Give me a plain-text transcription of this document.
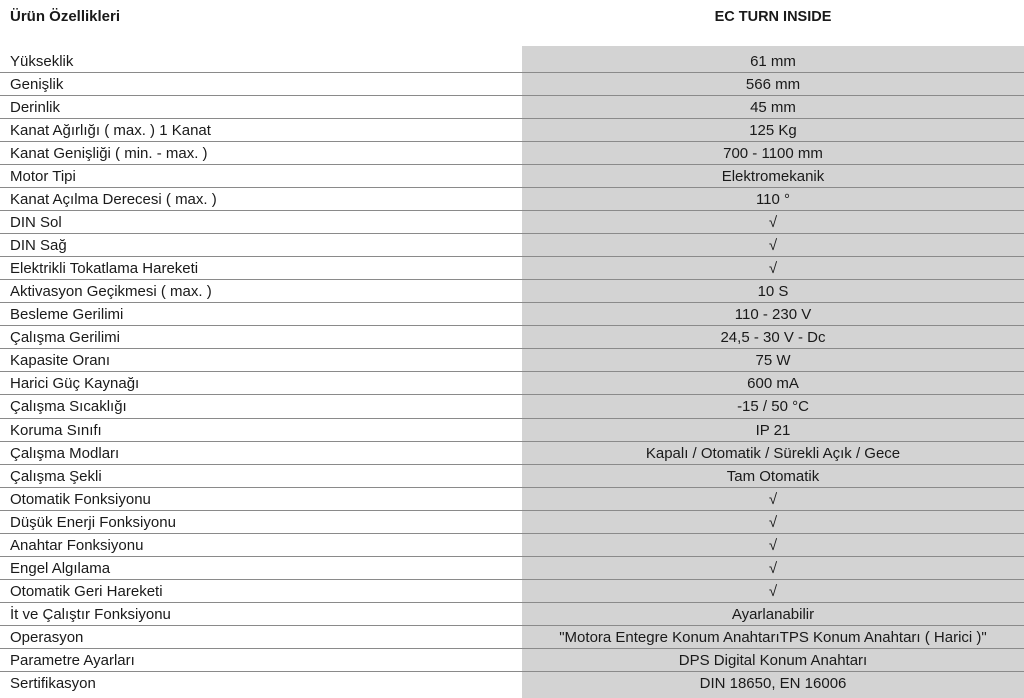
Ürün Özellikleri	EC TURN INSIDE
Yükseklik	61 mm
Genişlik	566 mm
Derinlik	45 mm
Kanat Ağırlığı ( max. ) 1 Kanat	125 Kg
Kanat Genişliği ( min. - max. )	700 - 1100 mm
Motor Tipi	Elektromekanik
Kanat Açılma Derecesi ( max. )	110 °
DIN Sol	√
DIN Sağ	√
Elektrikli Tokatlama Hareketi	√
Aktivasyon Geçikmesi ( max. )	10 S
Besleme Gerilimi	110 - 230 V
Çalışma Gerilimi	24,5 - 30 V - Dc
Kapasite Oranı	75 W
Harici Güç Kaynağı	600 mA
Çalışma Sıcaklığı	-15 / 50 °C
Koruma Sınıfı	IP 21
Çalışma Modları	Kapalı / Otomatik / Sürekli Açık / Gece
Çalışma Şekli	Tam Otomatik
Otomatik Fonksiyonu	√
Düşük Enerji Fonksiyonu	√
Anahtar Fonksiyonu	√
Engel Algılama	√
Otomatik Geri Hareketi	√
İt ve Çalıştır Fonksiyonu	Ayarlanabilir
Operasyon	"Motora Entegre Konum AnahtarıTPS Konum Anahtarı ( Harici )"
Parametre Ayarları	DPS Digital Konum Anahtarı
Sertifikasyon	DIN 18650, EN 16006
